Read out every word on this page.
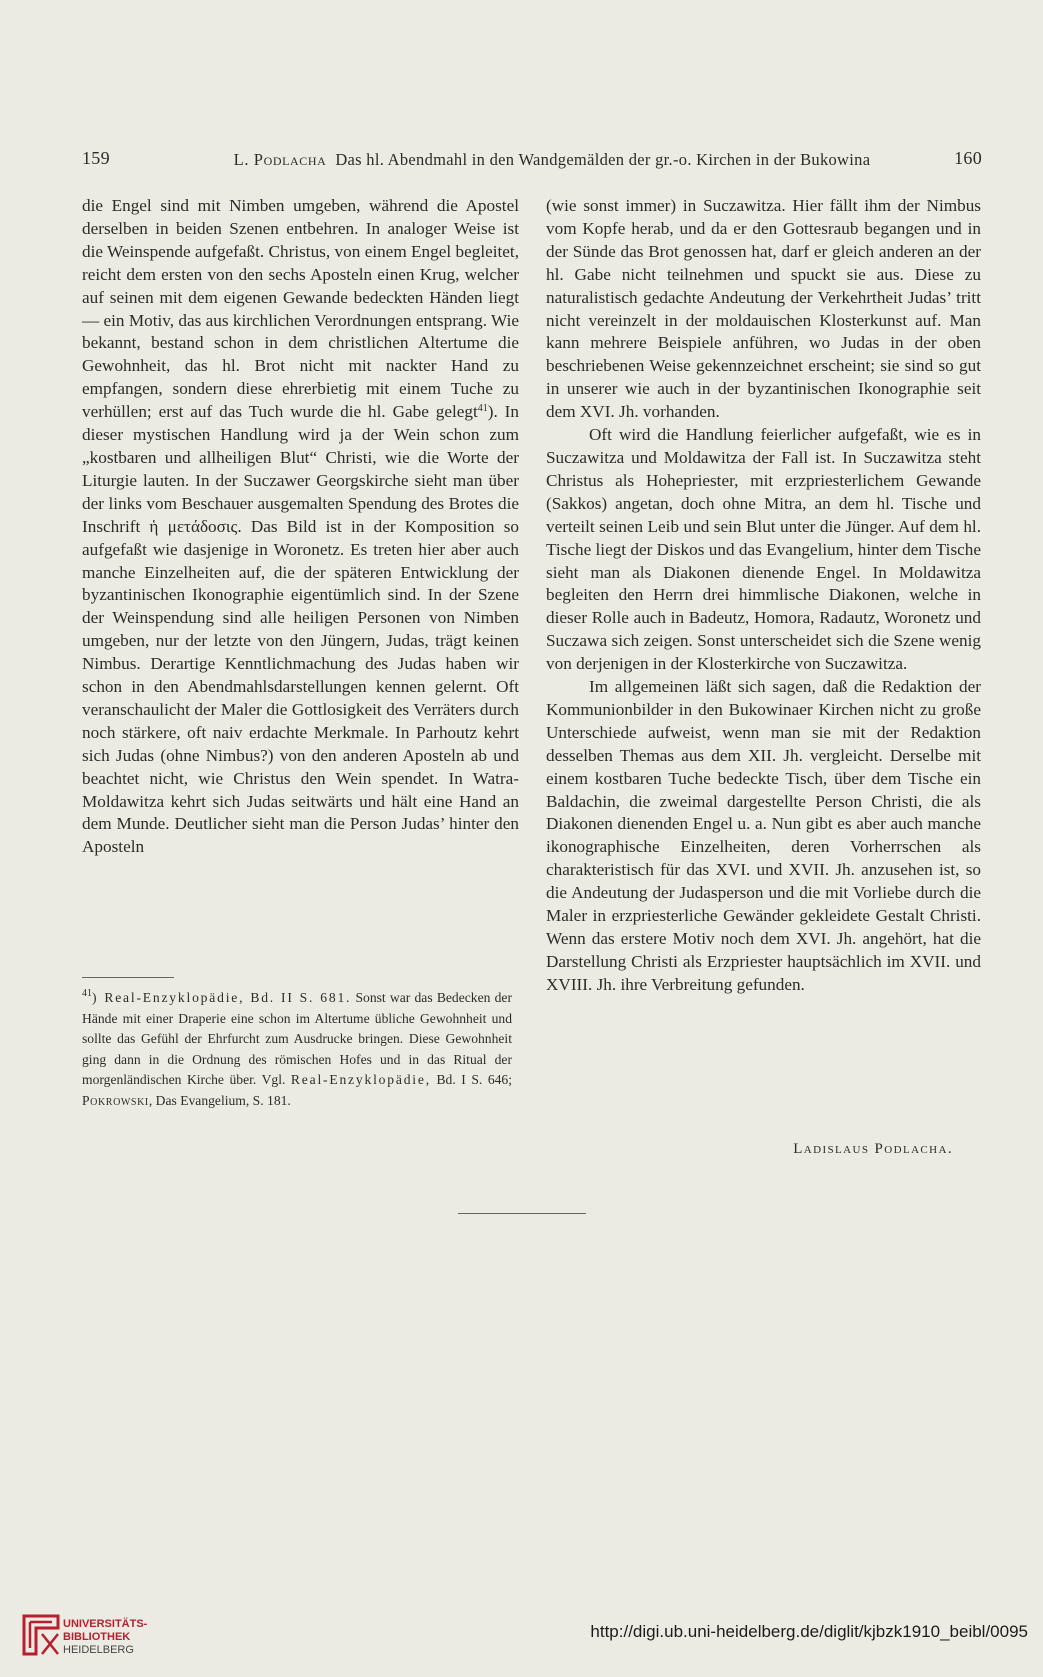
159	L. Podlacha Das hl. Abendmahl in den Wandgemälden der gr.-o. Kirchen in der Bukowina	160

die Engel sind mit Nimben umgeben, während die Apostel derselben in beiden Szenen entbehren. In analoger Weise ist die Weinspende aufgefaßt. Christus, von einem Engel begleitet, reicht dem ersten von den sechs Aposteln einen Krug, welcher auf seinen mit dem eigenen Gewande bedeckten Händen liegt — ein Motiv, das aus kirchlichen Verordnungen entsprang. Wie bekannt, bestand schon in dem christlichen Altertume die Gewohnheit, das hl. Brot nicht mit nackter Hand zu empfangen, sondern diese ehrerbietig mit einem Tuche zu verhüllen; erst auf das Tuch wurde die hl. Gabe gelegt$^{41}$). In dieser mystischen Handlung wird ja der Wein schon zum „kostbaren und allheiligen Blut“ Christi, wie die Worte der Liturgie lauten. In der Suczawer Georgskirche sieht man über der links vom Beschauer ausgemalten Spendung des Brotes die Inschrift ἡ μετάδοσις. Das Bild ist in der Komposition so aufgefaßt wie dasjenige in Woronetz. Es treten hier aber auch manche Einzelheiten auf, die der späteren Entwicklung der byzantinischen Ikonographie eigentümlich sind. In der Szene der Weinspendung sind alle heiligen Personen von Nimben umgeben, nur der letzte von den Jüngern, Judas, trägt keinen Nimbus. Derartige Kenntlichmachung des Judas haben wir schon in den Abendmahlsdarstellungen kennen gelernt. Oft veranschaulicht der Maler die Gottlosigkeit des Verräters durch noch stärkere, oft naiv erdachte Merkmale. In Parhoutz kehrt sich Judas (ohne Nimbus?) von den anderen Aposteln ab und beachtet nicht, wie Christus den Wein spendet. In Watra-Moldawitza kehrt sich Judas seitwärts und hält eine Hand an dem Munde. Deutlicher sieht man die Person Judas’ hinter den Aposteln

$^{41}$) Real-Enzyklopädie, Bd. II S. 681. Sonst war das Bedecken der Hände mit einer Draperie eine schon im Altertume übliche Gewohnheit und sollte das Gefühl der Ehrfurcht zum Ausdrucke bringen. Diese Gewohnheit ging dann in die Ordnung des römischen Hofes und in das Ritual der morgenländischen Kirche über. Vgl. Real-Enzyklopädie, Bd. I S. 646; Pokrowski, Das Evangelium, S. 181.

(wie sonst immer) in Suczawitza. Hier fällt ihm der Nimbus vom Kopfe herab, und da er den Gottesraub begangen und in der Sünde das Brot genossen hat, darf er gleich anderen an der hl. Gabe nicht teilnehmen und spuckt sie aus. Diese zu naturalistisch gedachte Andeutung der Verkehrtheit Judas’ tritt nicht vereinzelt in der moldauischen Klosterkunst auf. Man kann mehrere Beispiele anführen, wo Judas in der oben beschriebenen Weise gekennzeichnet erscheint; sie sind so gut in unserer wie auch in der byzantinischen Ikonographie seit dem XVI. Jh. vorhanden.

Oft wird die Handlung feierlicher aufgefaßt, wie es in Suczawitza und Moldawitza der Fall ist. In Suczawitza steht Christus als Hohepriester, mit erzpriesterlichem Gewande (Sakkos) angetan, doch ohne Mitra, an dem hl. Tische und verteilt seinen Leib und sein Blut unter die Jünger. Auf dem hl. Tische liegt der Diskos und das Evangelium, hinter dem Tische sieht man als Diakonen dienende Engel. In Moldawitza begleiten den Herrn drei himmlische Diakonen, welche in dieser Rolle auch in Badeutz, Homora, Radautz, Woronetz und Suczawa sich zeigen. Sonst unterscheidet sich die Szene wenig von derjenigen in der Klosterkirche von Suczawitza.

Im allgemeinen läßt sich sagen, daß die Redaktion der Kommunionbilder in den Bukowinaer Kirchen nicht zu große Unterschiede aufweist, wenn man sie mit der Redaktion desselben Themas aus dem XII. Jh. vergleicht. Derselbe mit einem kostbaren Tuche bedeckte Tisch, über dem Tische ein Baldachin, die zweimal dargestellte Person Christi, die als Diakonen dienenden Engel u. a. Nun gibt es aber auch manche ikonographische Einzelheiten, deren Vorherrschen als charakteristisch für das XVI. und XVII. Jh. anzusehen ist, so die Andeutung der Judasperson und die mit Vorliebe durch die Maler in erzpriesterliche Gewänder gekleidete Gestalt Christi. Wenn das erstere Motiv noch dem XVI. Jh. angehört, hat die Darstellung Christi als Erzpriester hauptsächlich im XVII. und XVIII. Jh. ihre Verbreitung gefunden.

Ladislaus Podlacha.
UNIVERSITÄTS-
BIBLIOTHEK
HEIDELBERG
http://digi.ub.uni-heidelberg.de/diglit/kjbzk1910_beibl/0095
